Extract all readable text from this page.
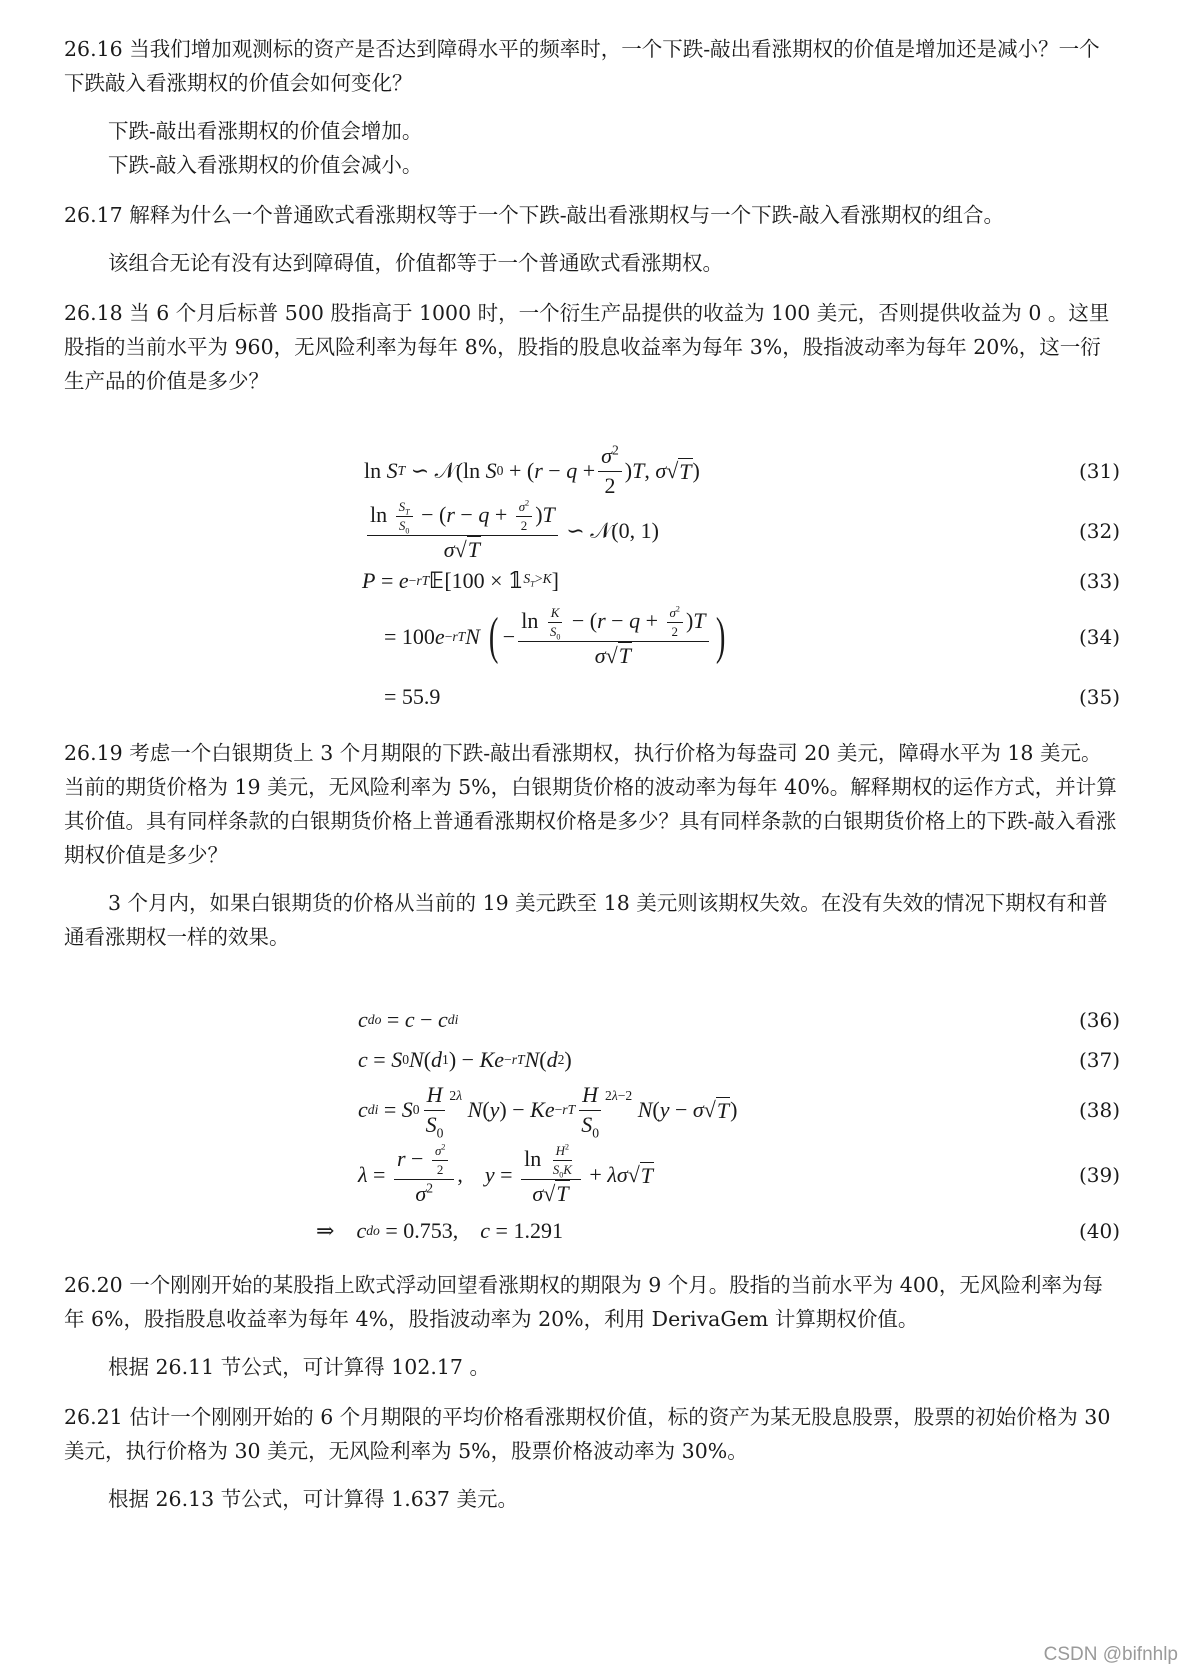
26.16 当我们增加观测标的资产是否达到障碍水平的频率时，一个下跌-敲出看涨期权的价值是增加还是减小？一个下跌敲入看涨期权的价值会如何变化？

下跌-敲出看涨期权的价值会增加。

下跌-敲入看涨期权的价值会减小。

26.17 解释为什么一个普通欧式看涨期权等于一个下跌-敲出看涨期权与一个下跌-敲入看涨期权的组合。

该组合无论有没有达到障碍值，价值都等于一个普通欧式看涨期权。

26.18 当 6 个月后标普 500 股指高于 1000 时，一个衍生产品提供的收益为 100 美元，否则提供收益为 0 。这里股指的当前水平为 960，无风险利率为每年 8%，股指的股息收益率为每年 3%，股指波动率为每年 20%，这一衍生产品的价值是多少？

ln S T ∽ 𝒩(ln S 0 + ( $r - q + \frac{\sigma^2}{2}$ ) T , σ √ T )	(31)
$\frac{\ln \frac{S_T}{S_0} - (r - q + \frac{\sigma^2}{2} )T}{\sigma√T}$ ∽ 𝒩(0, 1)	(32)
P = e −rT 𝔼 [100 × 𝟙 $S_T>K$ ]	(33)
= 100 e −rT N
( − $\frac{\ln \frac{K}{S_0} - (r - q + \frac{\sigma^2}{2} )T}{\sigma√T}$ )	(34)
= 55.9	(35)

26.19 考虑一个白银期货上 3 个月期限的下跌-敲出看涨期权，执行价格为每盎司 20 美元，障碍水平为 18 美元。当前的期货价格为 19 美元，无风险利率为 5%，白银期货价格的波动率为每年 40%。解释期权的运作方式，并计算其价值。具有同样条款的白银期货价格上普通看涨期权价格是多少？具有同样条款的白银期货价格上的下跌-敲入看涨期权价值是多少？

3 个月内，如果白银期货的价格从当前的 19 美元跌至 18 美元则该期权失效。在没有失效的情况下期权有和普通看涨期权一样的效果。

c do = c − c di	(36)
c = S 0 N ( d 1 ) − Ke −rT N ( d 2 )	(37)
c di = S $0 \frac{H}{S_0}^{2\lambda}$

N ( y ) − $Ke -rT \frac{H}{S_0}^{2\lambda-2}$

N ( y − σ √ T )	(38)
$\lambda = \frac{r - \frac{\sigma^2}{2}}{\sigma^2}$ , $y = \frac{\ln \frac{H^2}{S_0K}}{\sigma√T} + \lambda\sigma$ √ T	(39)
⇒ c do = 0.753 , c = 1.291	(40)

26.20 一个刚刚开始的某股指上欧式浮动回望看涨期权的期限为 9 个月。股指的当前水平为 400，无风险利率为每年 6%，股指股息收益率为每年 4%，股指波动率为 20%，利用 DerivaGem 计算期权价值。

根据 26.11 节公式，可计算得 102.17 。

26.21 估计一个刚刚开始的 6 个月期限的平均价格看涨期权价值，标的资产为某无股息股票，股票的初始价格为 30 美元，执行价格为 30 美元，无风险利率为 5%，股票价格波动率为 30%。

根据 26.13 节公式，可计算得 1.637 美元。

CSDN @bifnhlp
